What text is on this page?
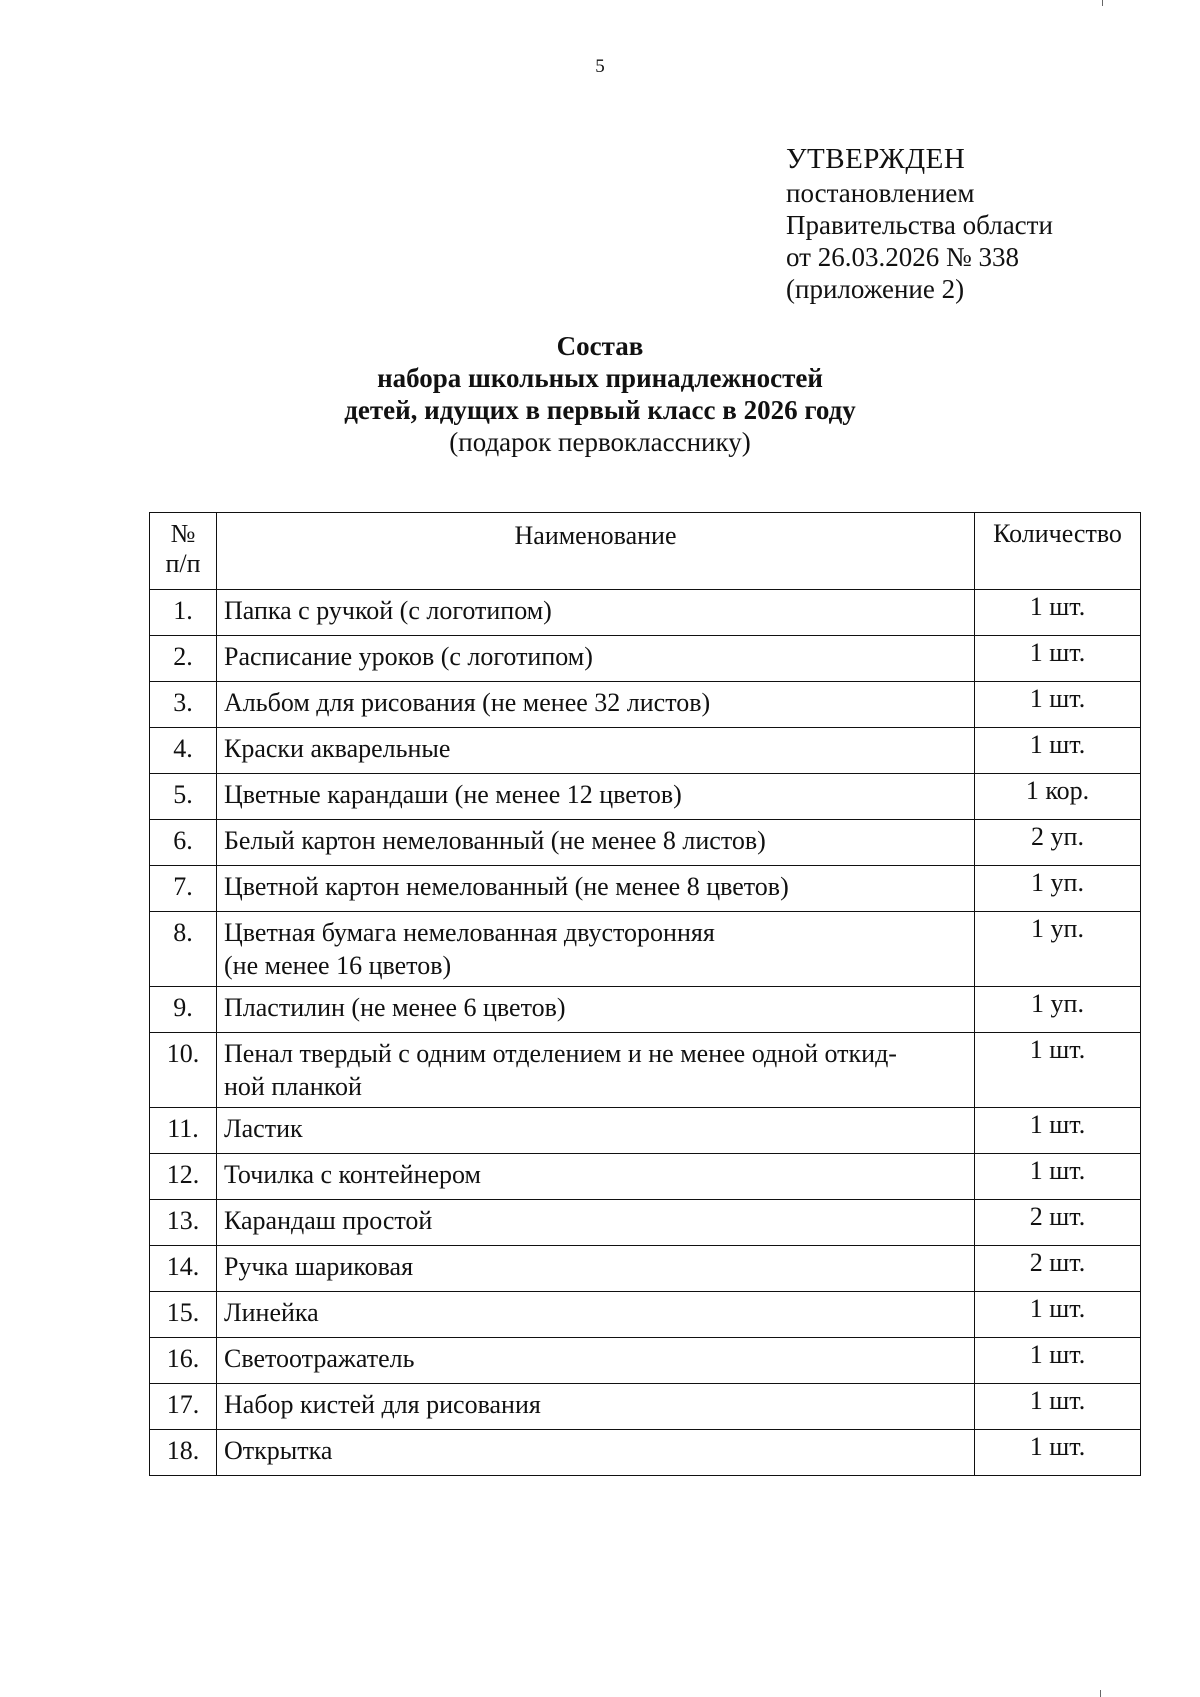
5
УТВЕРЖДЕН
постановлением
Правительства области
от 26.03.2026 № 338
(приложение 2)
Состав
набора школьных принадлежностей
детей, идущих в первый класс в 2026 году
(подарок первокласснику)
№
п/п	Наименование	Количество
1.	Папка с ручкой (с логотипом)	1 шт.
2.	Расписание уроков (с логотипом)	1 шт.
3.	Альбом для рисования (не менее 32 листов)	1 шт.
4.	Краски акварельные	1 шт.
5.	Цветные карандаши (не менее 12 цветов)	1 кор.
6.	Белый картон немелованный (не менее 8 листов)	2 уп.
7.	Цветной картон немелованный (не менее 8 цветов)	1 уп.
8.	Цветная бумага немелованная двусторонняя
(не менее 16 цветов)	1 уп.
9.	Пластилин (не менее 6 цветов)	1 уп.
10.	Пенал твердый с одним отделением и не менее одной откид-
ной планкой	1 шт.
11.	Ластик	1 шт.
12.	Точилка с контейнером	1 шт.
13.	Карандаш простой	2 шт.
14.	Ручка шариковая	2 шт.
15.	Линейка	1 шт.
16.	Светоотражатель	1 шт.
17.	Набор кистей для рисования	1 шт.
18.	Открытка	1 шт.
